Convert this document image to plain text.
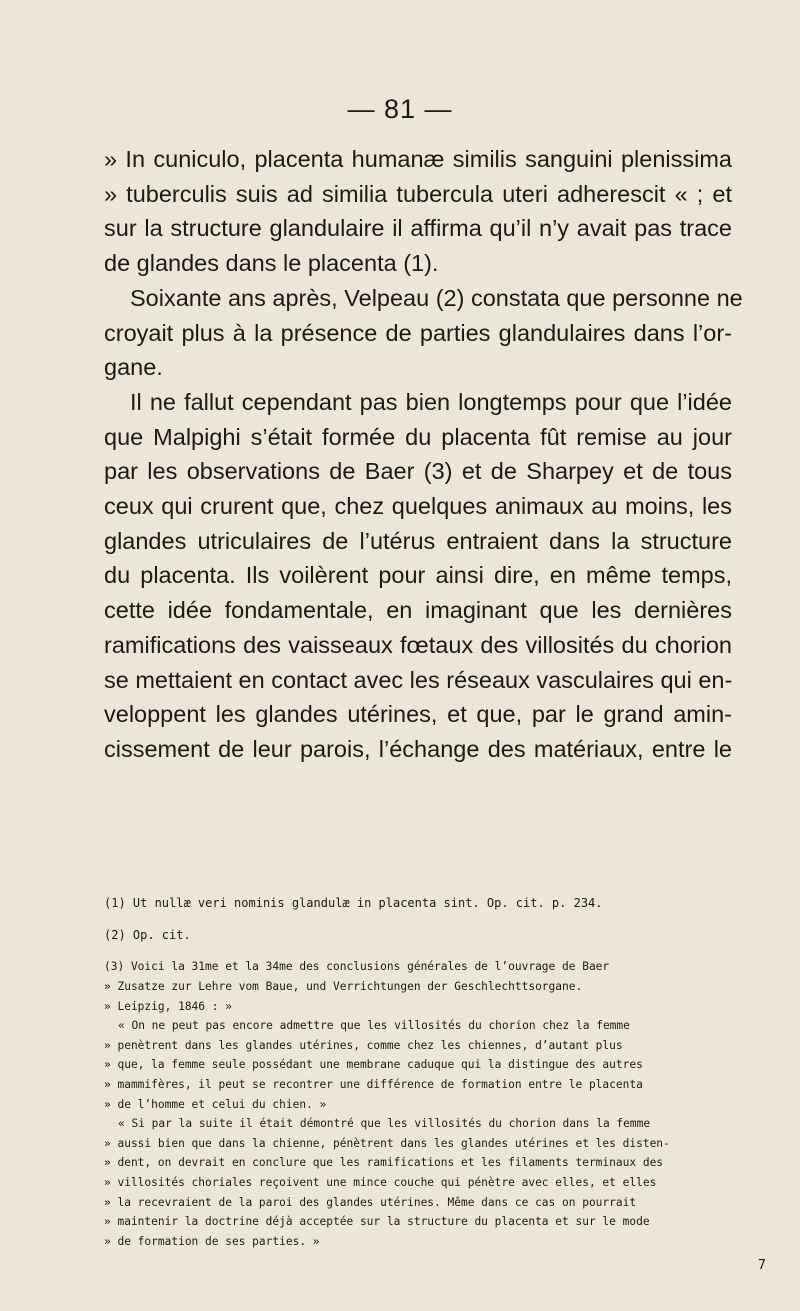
— 81 —
» In cuniculo, placenta humanæ similis sanguini plenissima
» tuberculis suis ad similia tubercula uteri adherescit « ; et
sur la structure glandulaire il affirma qu’il n’y avait pas trace
de glandes dans le placenta (1).
Soixante ans après, Velpeau (2) constata que personne ne
croyait plus à la présence de parties glandulaires dans l’or-
gane.
Il ne fallut cependant pas bien longtemps pour que l’idée
que Malpighi s’était formée du placenta fût remise au jour
par les observations de Baer (3) et de Sharpey et de tous
ceux qui crurent que, chez quelques animaux au moins, les
glandes utriculaires de l’utérus entraient dans la structure
du placenta. Ils voilèrent pour ainsi dire, en même temps,
cette idée fondamentale, en imaginant que les dernières
ramifications des vaisseaux fœtaux des villosités du chorion
se mettaient en contact avec les réseaux vasculaires qui en-
veloppent les glandes utérines, et que, par le grand amin-
cissement de leur parois, l’échange des matériaux, entre le
(1) Ut nullæ veri nominis glandulæ in placenta sint. Op. cit. p. 234.
(2) Op. cit.
(3) Voici la 31me et la 34me des conclusions générales de l’ouvrage de Baer
» Zusatze zur Lehre vom Baue, und Verrichtungen der Geschlechttsorgane.
» Leipzig, 1846 : »
« On ne peut pas encore admettre que les villosités du chorion chez la femme
» penètrent dans les glandes utérines, comme chez les chiennes, d’autant plus
» que, la femme seule possédant une membrane caduque qui la distingue des autres
» mammifères, il peut se recontrer une différence de formation entre le placenta
» de l’homme et celui du chien. »
« Si par la suite il était démontré que les villosités du chorion dans la femme
» aussi bien que dans la chienne, pénètrent dans les glandes utérines et les disten-
» dent, on devrait en conclure que les ramifications et les filaments terminaux des
» villosités choriales reçoivent une mince couche qui pénètre avec elles, et elles
» la recevraient de la paroi des glandes utérines. Même dans ce cas on pourrait
» maintenir la doctrine déjà acceptée sur la structure du placenta et sur le mode
» de formation de ses parties. »
7
